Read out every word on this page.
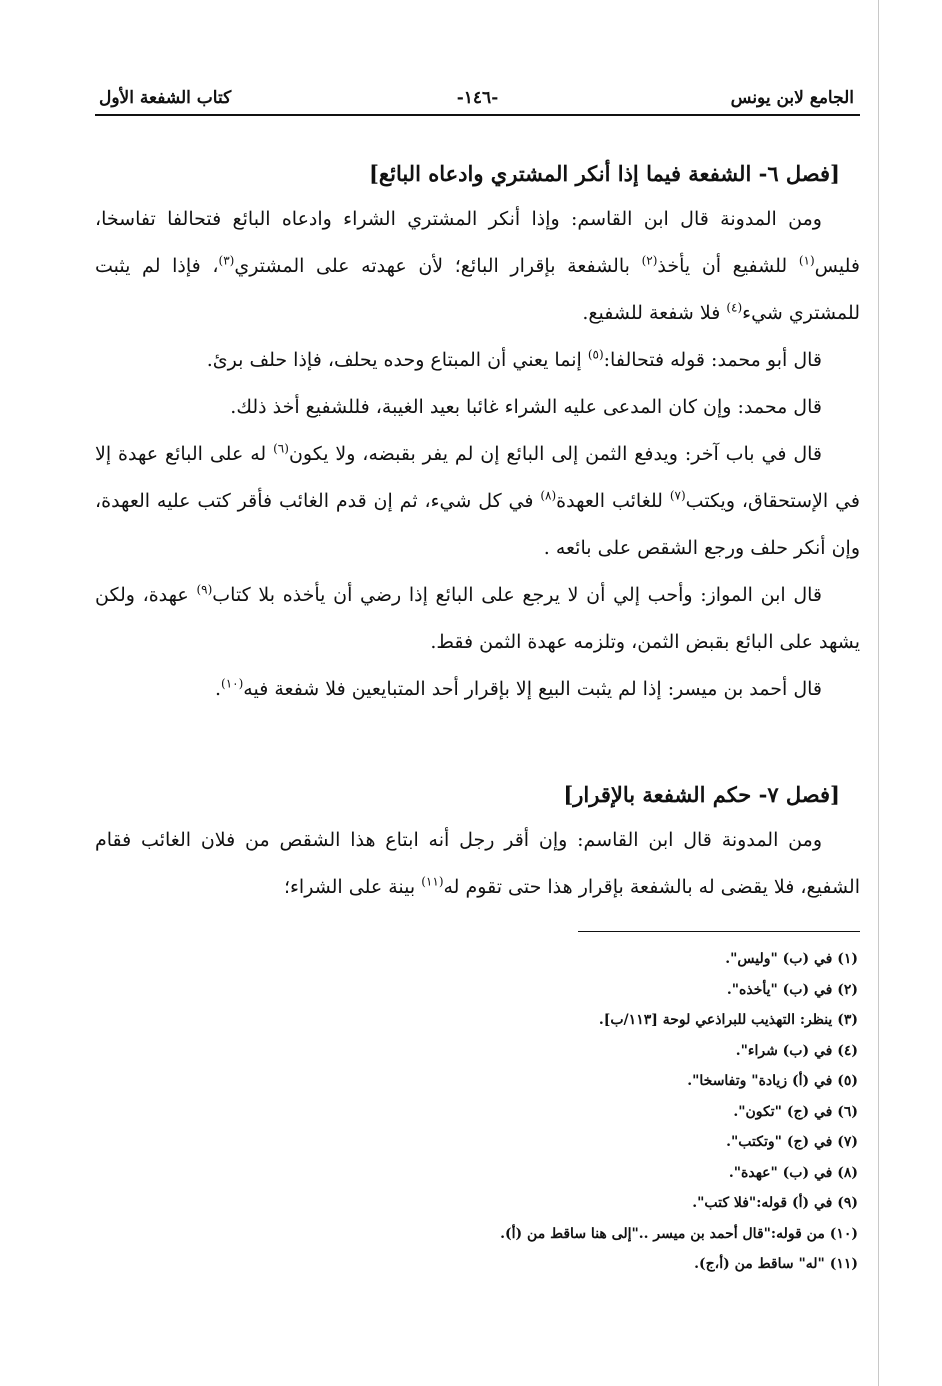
الجامع لابن يونس
-١٤٦-
كتاب الشفعة الأول
[فصل ٦- الشفعة فيما إذا أنكر المشتري وادعاه البائع]

ومن المدونة قال ابن القاسم: وإذا أنكر المشتري الشراء وادعاه البائع فتحالفا تفاسخا، فليس$^{(١)}$ للشفيع أن يأخذ$^{(٢)}$ بالشفعة بإقرار البائع؛ لأن عهدته على المشتري$^{(٣)}$، فإذا لم يثبت للمشتري شيء$^{(٤)}$ فلا شفعة للشفيع.

قال أبو محمد: قوله فتحالفا:$^{(٥)}$ إنما يعني أن المبتاع وحده يحلف، فإذا حلف برئ.

قال محمد: وإن كان المدعى عليه الشراء غائبا بعيد الغيبة، فللشفيع أخذ ذلك.

قال في باب آخر: ويدفع الثمن إلى البائع إن لم يفر بقبضه، ولا يكون$^{(٦)}$ له على البائع عهدة إلا في الإستحقاق، ويكتب$^{(٧)}$ للغائب العهدة$^{(٨)}$ في كل شيء، ثم إن قدم الغائب فأقر كتب عليه العهدة، وإن أنكر حلف ورجع الشقص على بائعه .

قال ابن المواز: وأحب إلي أن لا يرجع على البائع إذا رضي أن يأخذه بلا كتاب$^{(٩)}$ عهدة، ولكن يشهد على البائع بقبض الثمن، وتلزمه عهدة الثمن فقط.

قال أحمد بن ميسر: إذا لم يثبت البيع إلا بإقرار أحد المتبايعين فلا شفعة فيه$^{(١٠)}$.

[فصل ٧- حكم الشفعة بالإقرار]

ومن المدونة قال ابن القاسم: وإن أقر رجل أنه ابتاع هذا الشقص من فلان الغائب فقام الشفيع، فلا يقضى له بالشفعة بإقرار هذا حتى تقوم له$^{(١١)}$ بينة على الشراء؛

(١) في (ب) "وليس".
(٢) في (ب) "يأخذه".
(٣) ينظر: التهذيب للبراذعي لوحة [١١٣/ب].
(٤) في (ب) شراء".
(٥) في (أ) زيادة" وتفاسخا".
(٦) في (ج) "تكون".
(٧) في (ج) "وتكتب".
(٨) في (ب) "عهدة".
(٩) في (أ) قوله:"فلا كتب".
(١٠) من قوله:"قال أحمد بن ميسر .."إلى هنا ساقط من (أ).
(١١) "له" ساقط من (أ،ج).
